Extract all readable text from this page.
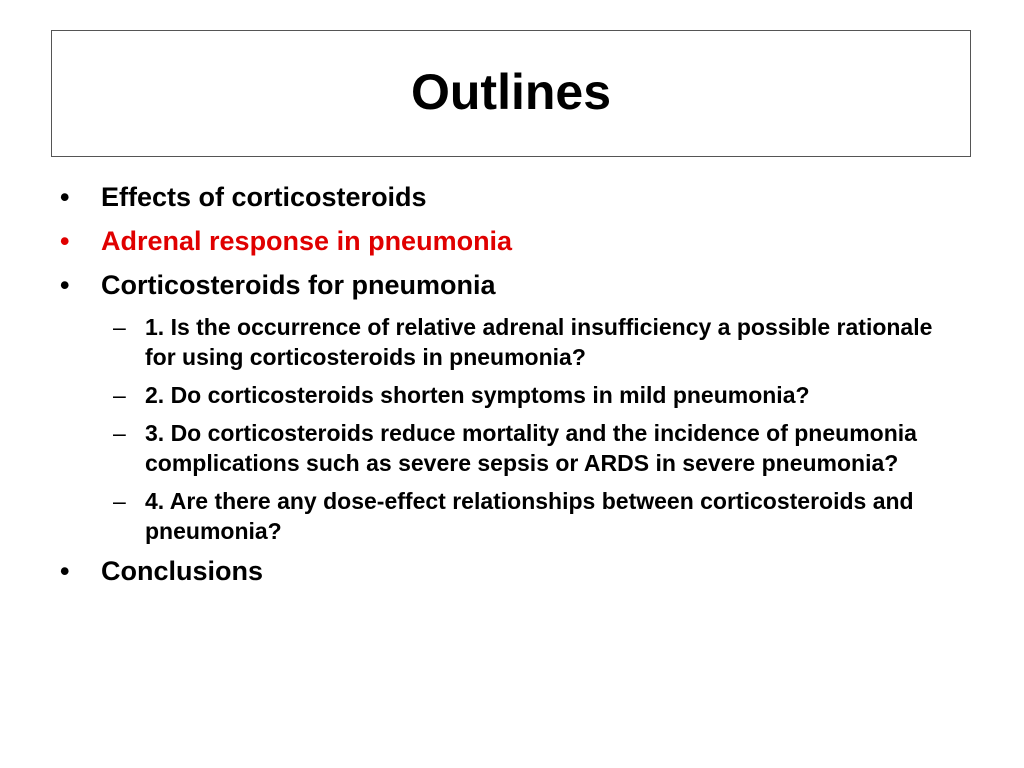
Outlines
•	Effects of corticosteroids
•	Adrenal response in pneumonia
•	Corticosteroids for pneumonia
– 1. Is the occurrence of relative adrenal insufficiency a possible rationale for using corticosteroids in pneumonia?
– 2. Do corticosteroids shorten symptoms in mild pneumonia?
– 3. Do corticosteroids reduce mortality and the incidence of pneumonia complications such as severe sepsis or ARDS in severe pneumonia?
– 4. Are there any dose-effect relationships between corticosteroids and pneumonia?
•	Conclusions
